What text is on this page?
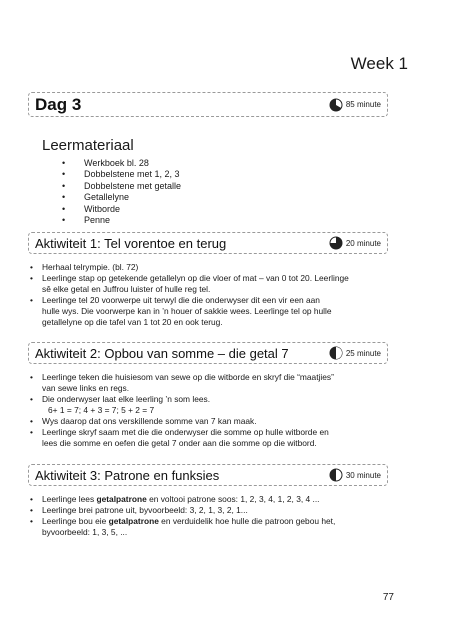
Week 1
Dag 3	85 minute
Leermateriaal
• Werkboek bl. 28
• Dobbelstene met 1, 2, 3
• Dobbelstene met getalle
• Getallelyne
• Witborde
• Penne
Aktiwiteit 1: Tel vorentoe en terug	20 minute
• Herhaal telrympie. (bl. 72)
• Leerlinge stap op getekende getallelyn op die vloer of mat – van 0 tot 20. Leerlinge
sê elke getal en Juffrou luister of hulle reg tel.
• Leerlinge tel 20 voorwerpe uit terwyl die die onderwyser dit een vir een aan
hulle wys. Die voorwerpe kan in ’n houer of sakkie wees. Leerlinge tel op hulle
getallelyne op die tafel van 1 tot 20 en ook terug.
Aktiwiteit 2: Opbou van somme – die getal 7	25 minute
• Leerlinge teken die huisiesom van sewe op die witborde en skryf die “maatjies”
van sewe links en regs.
• Die onderwyser laat elke leerling ’n som lees.
6+ 1 = 7; 4 + 3 = 7; 5 + 2 = 7
• Wys daarop dat ons verskillende somme van 7 kan maak.
• Leerlinge skryf saam met die die onderwyser die somme op hulle witborde en
lees die somme en oefen die getal 7 onder aan die somme op die witbord.
Aktiwiteit 3: Patrone en funksies	30 minute
• Leerlinge lees getalpatrone en voltooi patrone soos: 1, 2, 3, 4, 1, 2, 3, 4 ...
• Leerlinge brei patrone uit, byvoorbeeld: 3, 2, 1, 3, 2, 1...
• Leerlinge bou eie getalpatrone en verduidelik hoe hulle die patroon gebou het,
byvoorbeeld: 1, 3, 5, ...
77
